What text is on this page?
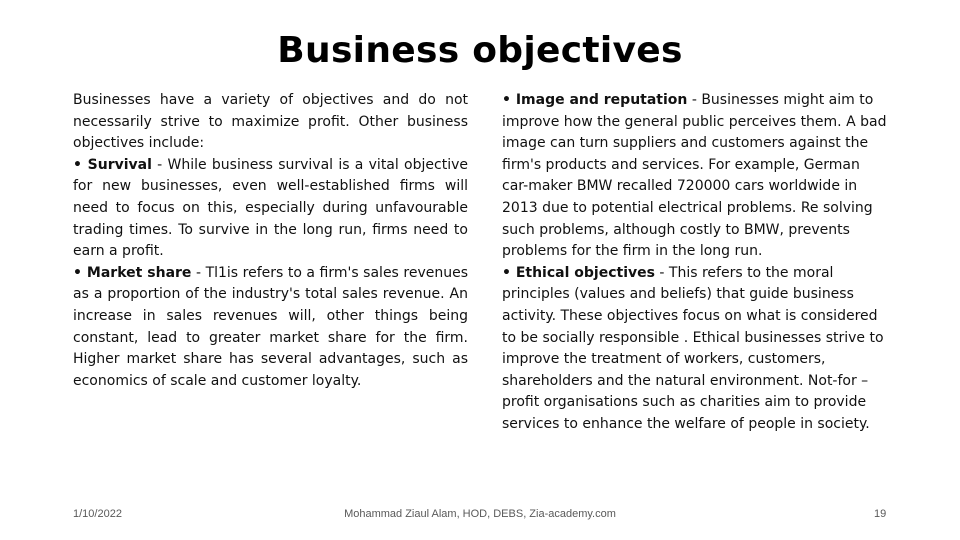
Business objectives
Businesses have a variety of objectives and do not necessarily strive to maximize profit. Other business objectives include:
• Survival - While business survival is a vital objective for new businesses, even well-established firms will need to focus on this, especially during unfavourable trading times. To survive in the long run, firms need to earn a profit.
• Market share - Tl1is refers to a firm's sales revenues as a proportion of the industry's total sales revenue. An increase in sales revenues will, other things being constant, lead to greater market share for the firm. Higher market share has several advantages, such as economics of scale and customer loyalty.
• Image and reputation - Businesses might aim to improve how the general public perceives them. A bad image can turn suppliers and customers against the firm's products and services. For example, German car-maker BMW recalled 720000 cars worldwide in 2013 due to potential electrical problems. Re solving such problems, although costly to BMW, prevents problems for the firm in the long run.
• Ethical objectives - This refers to the moral principles (values and beliefs) that guide business activity. These objectives focus on what is considered to be socially responsible . Ethical businesses strive to improve the treatment of workers, customers, shareholders and the natural environment. Not-for –profit organisations such as charities aim to provide services to enhance the welfare of people in society.
1/10/2022	Mohammad Ziaul Alam, HOD, DEBS, Zia-academy.com	19
